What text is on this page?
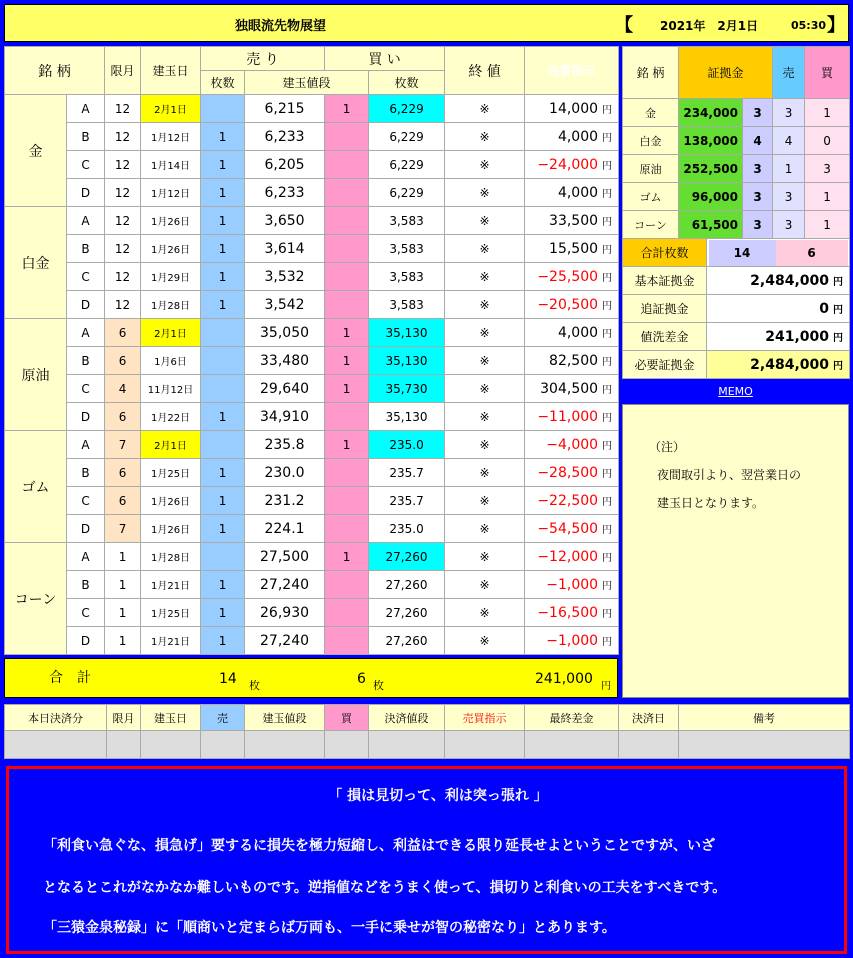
独眼流先物展望	【 2021年　2月1日	05:30 】
銘 柄		限月	建玉日	売 り		買 い		終 値	売買指示	
				枚数	建玉値段		枚数			
金	A	12	2月1日		6,215	1	6,229	※	14,000 円	
	B	12	1月12日	1	6,233		6,229	※	4,000 円	
	C	12	1月14日	1	6,205		6,229	※	−24,000 円	
	D	12	1月12日	1	6,233		6,229	※	4,000 円	
白金	A	12	1月26日	1	3,650		3,583	※	33,500 円	
	B	12	1月26日	1	3,614		3,583	※	15,500 円	
	C	12	1月29日	1	3,532		3,583	※	−25,500 円	
	D	12	1月28日	1	3,542		3,583	※	−20,500 円	
原油	A	6	2月1日		35,050	1	35,130	※	4,000 円	
	B	6	1月6日		33,480	1	35,130	※	82,500 円	
	C	4	11月12日		29,640	1	35,730	※	304,500 円	
	D	6	1月22日	1	34,910		35,130	※	−11,000 円	
ゴム	A	7	2月1日		235.8	1	235.0	※	−4,000 円	
	B	6	1月25日	1	230.0		235.7	※	−28,500 円	
	C	6	1月26日	1	231.2		235.7	※	−22,500 円	
	D	7	1月26日	1	224.1		235.0	※	−54,500 円	
コーン	A	1	1月28日		27,500	1	27,260	※	−12,000 円	
	B	1	1月21日	1	27,240		27,260	※	−1,000 円	
	C	1	1月25日	1	26,930		27,260	※	−16,500 円	
	D	1	1月21日	1	27,240		27,260	※	−1,000 円	
合　計	14 枚	6 枚	241,000 円
銘 柄	証拠金		売	買
金	234,000	3	3	1
白金	138,000	4	4	0
原油	252,500	3	1	3
ゴム	96,000	3	3	1
コーン	61,500	3	3	1
合計枚数	14 6
基本証拠金	2,484,000 円
追証拠金	0 円
値洗差金	241,000 円
必要証拠金	2,484,000 円
MEMO
（注）
夜間取引より、翌営業日の
建玉日となります。
本日決済分	限月	建玉日	売	建玉値段	買	決済値段	売買指示	最終差金	決済日	備考

「 損は見切って、利は突っ張れ 」
「利食い急ぐな、損急げ」要するに損失を極力短縮し、利益はできる限り延長せよということですが、いざ
となるとこれがなかなか難しいものです。逆指値などをうまく使って、損切りと利食いの工夫をすべきです。
「三猿金泉秘録」に「順商いと定まらば万両も、一手に乗せが智の秘密なり」とあります。
